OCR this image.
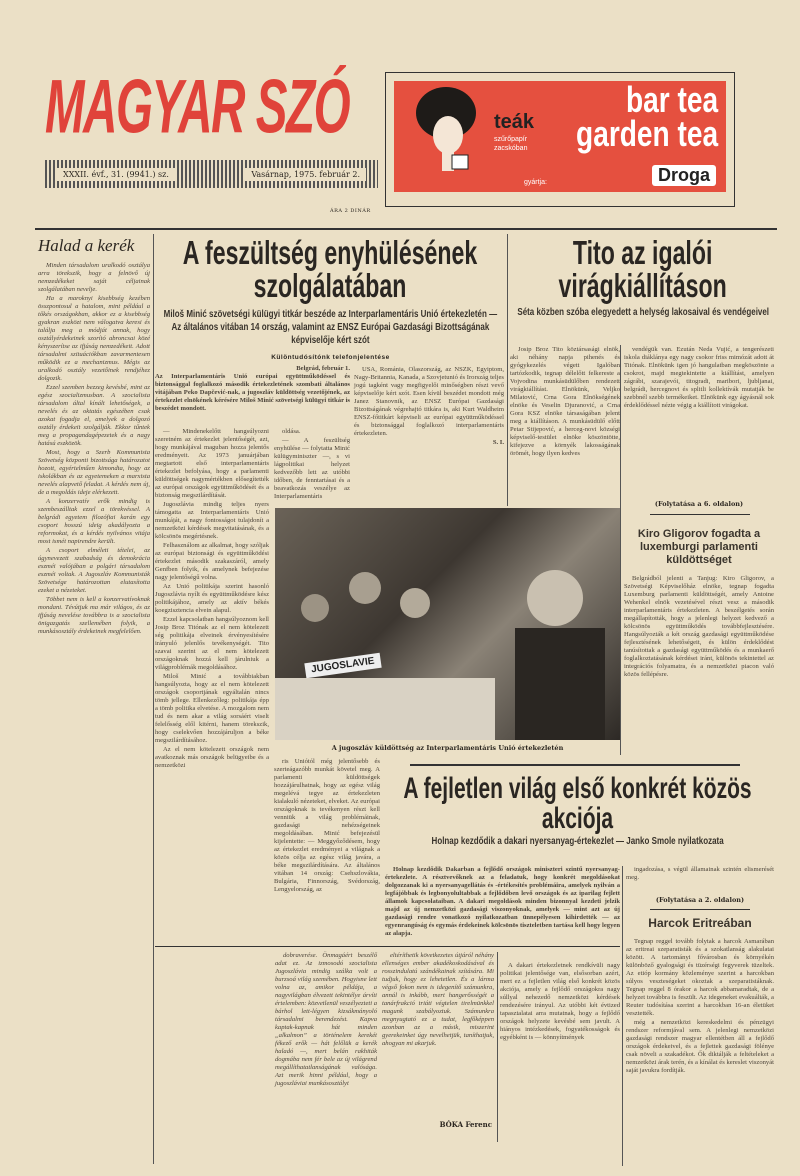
MAGYAR SZÓ
XXXII. évf., 31. (9941.) sz.	Vasárnap, 1975. február 2.
ÁRA 2 DINÁR
teák
szűrőpapír
zacskóban
bar tea
garden tea
gyártja:	Droga
Halad a kerék

Minden társadalom uralkodó osztálya arra törekszik, hogy a felnövő új nemzedékeket saját céljainak szolgálatában nevelje.

Ha a maroknyi kisebbség kezében összpontosul a hatalom, mint például a tőkés országokban, akkor ez a kisebbség gyakran eszközt nem válogatva keresi és találja meg a módját annak, hogy osztályérdekeinek szorító abroncsai közé kényszerítse az ifjúság nemzedékeit. Adott társadalmi szituációkban zavarmentesen működik ez a mechanizmus. Mégis az uralkodó osztály vezetőinek rendjéhez dolgozik.

Ezzel szemben bezzeg kevésbé, mint az egész szocializmusban. A szocialista társadalom által kínált lehetőségek, a nevelés és az oktatás egészében csak azokat fogadja el, amelyek a dolgozó osztály érdekeit szolgálják. Ekkor tűntek meg a propagandagépezetek és a nagy hatású eszközök.

Most, hogy a Szerb Kommunista Szövetség központi bizottsága határozatot hozott, egyértelműen kimondta, hogy az iskolákban és az egyetemeken a marxista nevelés alapvető feladat. A kérdés nem új, de a megoldás ideje elérkezett.

A konzervatív erők mindig is szembeszálltak ezzel a törekvéssel. A belgrádi egyetem filozófiai karán egy csoport hosszú ideig akadályozta a reformokat, és a kérdés nyilvános vitája most ismét napirendre került.

A csoport elméleti tételei, az úgynevezett szabadság és demokrácia eszméi valójában a polgári társadalom eszméi voltak. A Jugoszláv Kommunisták Szövetsége határozottan elutasította ezeket a nézeteket.

Többet nem is kell a konzervatívoknak mondani. Tévútjuk ma már világos, és az ifjúság nevelése továbbra is a szocialista önigazgatás szellemében folyik, a munkásosztály érdekeinek megfelelően.

A feszültség enyhülésének szolgálatában
Miloš Minić szövetségi külügyi titkár beszéde az Interparlamentáris Unió értekezletén — Az általános vitában 14 ország, valamint az ENSZ Európai Gazdasági Bizottságának képviselője kért szót
Különtudósítónk telefonjelentése
Belgrád, február 1.
Az Interparlamentáris Unió európai együttműködéssel és biztonsággal foglalkozó második értekezletének szombati általános vitájában Peko Dapčević-nak, a jugoszláv küldöttség vezetőjének, az értekezlet elnökének kérésére Miloš Minić szövetségi külügyi titkár is beszédet mondott.

— Mindenekelőtt hangsúlyozni szeretném az értekezlet jelentőségét, azt, hogy munkájával maguban hozza jelentős eredményeit. Az 1973 januárjában megtartott első interparlamentáris értekezlet befolyása, hogy a parlamenti küldöttségek nagymértékben elősegítették az európai országok együttműködését és a biztonság megszilárdítását.

Jugoszlávia mindig teljes nyers támogatta az Interparlamentáris Unió munkáját, a nagy fontosságot tulajdonít a nemzetközi kérdések megvitatásának, és a kölcsönös megértésnek.

Felhasználom az alkalmat, hogy szóljak az európai biztonsági és együttműködési értekezlet második szakaszáról, amely Genfben folyik, és amelynek befejezése nagy jelentőségű volna.

Az Unió politikája szerint hasonló Jugoszlávia nyílt és együttműködésre kész politikájához, amely az aktív békés koegzisztencia elvein alapul.

Ezzel kapcsolatban hangsúlyoznom kell Josip Broz Titónak az el nem kötelezett ség politikája elveinek érvényesítésére irányuló jelenlős tevékenységét. Tito szavai szerint az el nem kötelezett országoknak hozzá kell járulniuk a világproblémák megoldásához.

Miloš Minić a továbbiakban hangsúlyozta, hogy az el nem kötelezett országok csoportjának egyáltalán nincs tömb jellege. Ellenkezőleg: politikája épp a tömb politika elvetése. A mozgalom nem tud és nem akar a világ sorsáért viselt felelősség elől kitérni, hanem törekszik, hogy cselekvően hozzájáruljon a béke megszilárdításához.

Az el nem kötelezett országok nem avatkoznak más országok belügyeibe és a nemzetközi

oldása.

— A feszültség enyhülése — folytatta Minić külügyminiszter —, s vi lágpolitikai helyzet kedvezőbb lett az utóbbi időben, de fenntartásai és a beavatkozás veszélye az Interparlamentáris

USA, Románia, Olaszország, az NSZK, Egyiptom, Nagy-Britannia, Kanada, a Szovjetunió és Irország teljes jogú tagként vagy megfigyelői minőségben részt vevő képviselője kért szót. Esen kívül beszédet mondott még Janez Stanovnik, az ENSZ Európai Gazdasági Bizottságának végrehajtó titkára is, aki Kurt Waldheim ENSZ-főtitkárt képviseli az európai együttműködéssel és biztonsággal foglalkozó interparlamentáris értekezleten.

S. I.
JUGOSLAVIE
A jugoszláv küldöttség az Interparlamentáris Unió értekezletén

ris Uniótól még jelentősebb és szerteágazóbb munkát követel meg. A parlamenti küldöttségek hozzájárulhatnak, hogy az egész világ megelévá tegye az értekezleten kialakuló nézeteket, elveket. Az európai országoknak is tevékenyen részt kell venniük a világ problémáinak, gazdasági nehézségeinek megoldásában. Minić befejezésül kijelentette: — Meggyőződésem, hogy az értekezlet eredményei a világnak a közös célja az egész világ javára, a béke megszilárdítására. Az általános vitában 14 ország: Csehszlovákia, Bulgária, Finnország, Svédország, Lengyelország, az

Tito az igalói
virágkiállításon
Séta közben szóba elegyedett a helység lakosaival és vendégeivel

Josip Broz Tito köztársasági elnök, aki néhány napja pihenés és gyógykezelés végett Igalóban tartózkodik, tegnap délelőtt felkereste a Vojvodina munkásüdülőben rendezett virágkiállítást. Elnökünk, Veljko Milatović, Crna Gora Elnökségének elnöke és Veselin Djuranović, a Crna Gora KSZ elnöke társaságában jelent meg a kiállításon. A munkásüdülő előtt Petar Stijepović, a herceg-novi községi képviselő-testület elnöke köszöntötte, kifejezve a környék lakosságának örömét, hogy ilyen kedves

vendégük van. Ezután Neda Vujić, a tengerészeti iskola diáklánya egy nagy csokor friss mimózát adott át Titónak. Elnökünk igen jó hangulatban megköszönte a csokrot, majd megtekintette a kiállítást, amelyen zágrábi, szarajevói, titogradi, maribori, ljubljanai, belgrádi, hercegnovi és splitli kollektívák mutatják be szebbnél szebb termékeiket. Elnökünk egy ágyásnál sok érdeklődéssel nézte végig a kiállított virágokat.

(Folytatása a 6. oldalon)
Kiro Gligorov fogadta a luxemburgi parlamenti küldöttséget

Belgrádból jelenti a Tanjug: Kiro Gligorov, a Szövetségi Képviselőház elnöke, tegnap fogadta Luxemburg parlamenti küldöttségét, amely Antoine Wehenkel elnök vezetésével részt vesz a második interparlamentáris értekezleten. A beszélgetés során megállapították, hogy a jelenlegi helyzet kedvező a kölcsönös együttműködés továbbfejlesztésére. Hangsúlyozták a két ország gazdasági együttműködése fejlesztésének lehetőségeit, és külön érdeklődést tanúsítottak a gazdasági együttműködés és a munkaerő foglalkoztatásának kérdései iránt, különös tekintettel az integrációs folyamatra, és a nemzetközi piacon való közös fellépésre.

A fejletlen világ első konkrét közös akciója
Holnap kezdődik a dakari nyersanyag-értekezlet — Janko Smole nyilatkozata

Holnap kezdődik Dakarban a fejlődő országok miniszteri szintű nyersanyag-értekezlete. A résztvevőknek az a feladatuk, hogy konkrét megoldásokat dolgozzanak ki a nyersanyagellátás és -értékesítés problémáira, amelyek nyilván a legfájóbbak és legbonyolultabbak a fejlődőben levő országok és az iparilag fejlett államok kapcsolataiban. A dakari megoldások minden bizonnyal kezdeti jelzik majd az új nemzetközi gazdasági viszonyoknak, amelyek — mint azt az új gazdasági rendre vonatkozó nyilatkozatban ünnepélyesen kihirdették — az egyenrangúság és egymás érdekeinek kölcsönös tiszteletben tartása kell hogy legyen az alapja.

A dakari értekezletnek rendkívüli nagy politikai jelentősége van, elsősorban azért, mert ez a fejletlen világ első konkrét közös akciója, amely a fejlődő országokra nagy súllyal nehezedő nemzetközi kérdések rendezésére irányul. Az utóbbi két évtized tapasztalatai arra mutatnak, hogy a fejlődő országok helyzete kevésbé sem javult. A hiányos intézkedések, fogyatékosságok és egyébként is — könnyítmények

ingadozása, s végül államainak szintén elismerését meg.

(Folytatása a 2. oldalon)
Harcok Eritreában

Tegnap reggel tovább folytak a harcok Asmarában az eritreai szeparatisták és a szokatlanság alakulatai között. A tartományi fővárosban és környékén különböző gyalogsági és tüzérségi fegyverek tüzeltek. Az etióp kormány közleménye szerint a harcokban súlyos veszteségeket okoztak a szeparatistáknak. Tegnap reggel 8 órakor a harcok abbamaradtak, de a helyzet továbbra is feszült. Az idegeneket evakuálták, a Reuter tudósítása szerint a harcokban 16-an életüket vesztették.

még a nemzetközi kereskedelmi és pénzügyi rendszer reformjával sem. A jelenlegi nemzetközi gazdasági rendszer magyar ellentétben áll a fejlődő országok érdekeivel, és a fejlettek gazdasági fölénye csak növeli a szakadékot. Ők diktálják a feltételeket a nemzetközi árak terén, és a kínálat és kereslet viszonyát saját javukra fordítják.

dobraverése. Önmagáért beszélő adat ez. Az izmosodó szocialista Jugoszlávia mindig szálka volt a burzsoá világ szemében. Hogyisne lett volna az, amikor példája, a nagyvilágban élvezett tekintélye árvíti értelemben: közvetlenül veszélyezteti a bárhol lett-légyen kizsákmányoló társadalmi berendezést. Kapva kaptak-kapnak hát minden „alkalmon” a történelem kerekét fékező erők — hát felőlük a kerék haladó —, mert belán rakhiták dogmába nem fér bele az új világrend megállíthatatlanságának valósága. Azt merik hinni például, hogy a jugoszláviai munkásosztályt

eltéríthetik következetes útjáról néhány ellenséges ember akadékoskodásával és rosszindulatú szándékainak szítására. Mi tudjuk, hogy ez lehetetlen. És a lárma végső fokon nem is idegenítő számunkra, annál is inkább, mert hangerősségét a tanárfrakció triáti végtelen tirelmünkkel magunk szabályoztuk. Számunkra megnyugtató ez a tudat, legfőképpen azonban az a másik, miszerint gyerekeinket úgy nevelhetjük, taníthatjuk, ahogyan mi akarjuk.

BÓKA Ferenc
